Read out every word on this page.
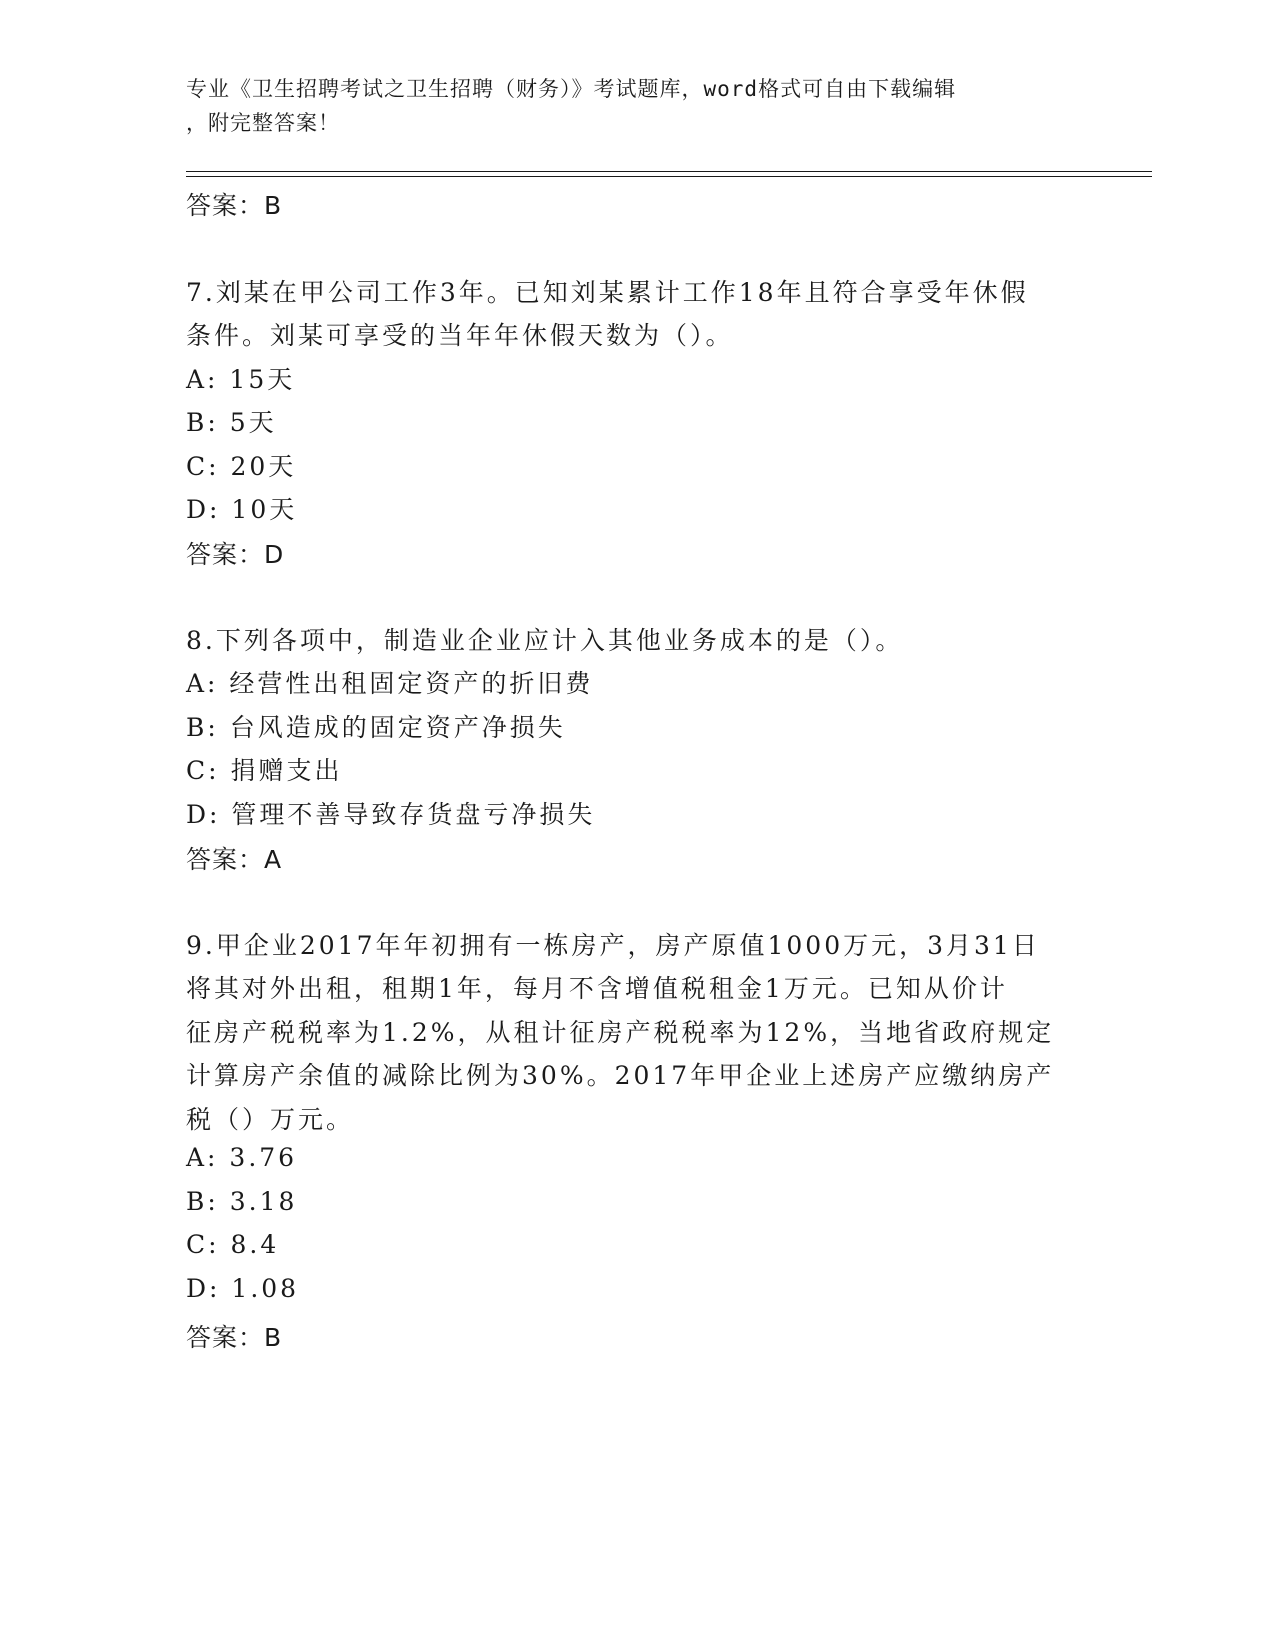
专业《卫生招聘考试之卫生招聘（财务）》考试题库，word格式可自由下载编辑
，附完整答案！
答案：B
7.刘某在甲公司工作3年。已知刘某累计工作18年且符合享受年休假
条件。刘某可享受的当年年休假天数为（）。
A: 15天
B: 5天
C: 20天
D: 10天
答案：D
8.下列各项中，制造业企业应计入其他业务成本的是（）。
A: 经营性出租固定资产的折旧费
B: 台风造成的固定资产净损失
C: 捐赠支出
D: 管理不善导致存货盘亏净损失
答案：A
9.甲企业2017年年初拥有一栋房产，房产原值1000万元，3月31日
将其对外出租，租期1年，每月不含增值税租金1万元。已知从价计
征房产税税率为1.2%，从租计征房产税税率为12%，当地省政府规定
计算房产余值的减除比例为30%。2017年甲企业上述房产应缴纳房产
税（）万元。
A: 3.76
B: 3.18
C: 8.4
D: 1.08
答案：B
